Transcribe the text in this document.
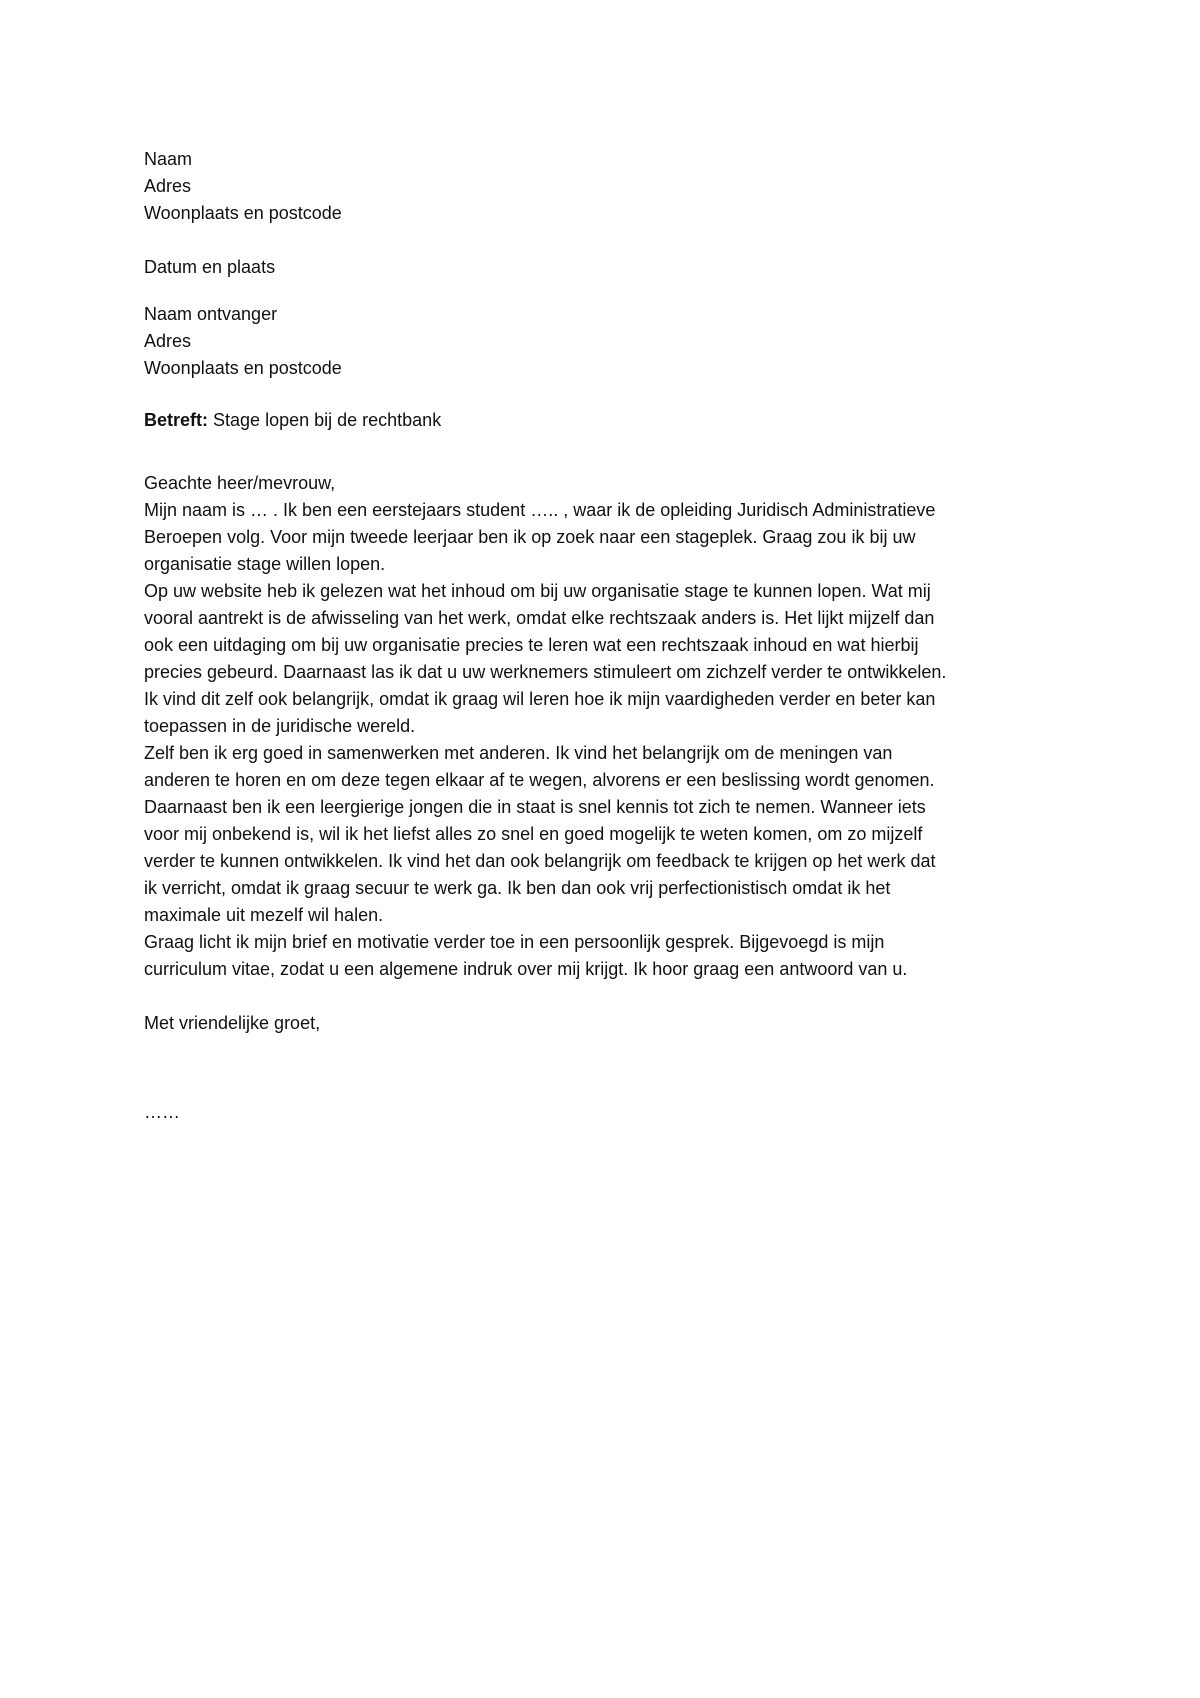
Naam
Adres
Woonplaats en postcode
Datum en plaats
Naam ontvanger
Adres
Woonplaats en postcode
Betreft: Stage lopen bij de rechtbank
Geachte heer/mevrouw,
Mijn naam is … . Ik ben een eerstejaars student ….. , waar ik de opleiding Juridisch Administratieve
Beroepen volg. Voor mijn tweede leerjaar ben ik op zoek naar een stageplek. Graag zou ik bij uw
organisatie stage willen lopen.
Op uw website heb ik gelezen wat het inhoud om bij uw organisatie stage te kunnen lopen. Wat mij
vooral aantrekt is de afwisseling van het werk, omdat elke rechtszaak anders is. Het lijkt mijzelf dan
ook een uitdaging om bij uw organisatie precies te leren wat een rechtszaak inhoud en wat hierbij
precies gebeurd. Daarnaast las ik dat u uw werknemers stimuleert om zichzelf verder te ontwikkelen.
Ik vind dit zelf ook belangrijk, omdat ik graag wil leren hoe ik mijn vaardigheden verder en beter kan
toepassen in de juridische wereld.
Zelf ben ik erg goed in samenwerken met anderen. Ik vind het belangrijk om de meningen van
anderen te horen en om deze tegen elkaar af te wegen, alvorens er een beslissing wordt genomen.
Daarnaast ben ik een leergierige jongen die in staat is snel kennis tot zich te nemen. Wanneer iets
voor mij onbekend is, wil ik het liefst alles zo snel en goed mogelijk te weten komen, om zo mijzelf
verder te kunnen ontwikkelen. Ik vind het dan ook belangrijk om feedback te krijgen op het werk dat
ik verricht, omdat ik graag secuur te werk ga. Ik ben dan ook vrij perfectionistisch omdat ik het
maximale uit mezelf wil halen.
Graag licht ik mijn brief en motivatie verder toe in een persoonlijk gesprek. Bijgevoegd is mijn
curriculum vitae, zodat u een algemene indruk over mij krijgt. Ik hoor graag een antwoord van u.
Met vriendelijke groet,
……
